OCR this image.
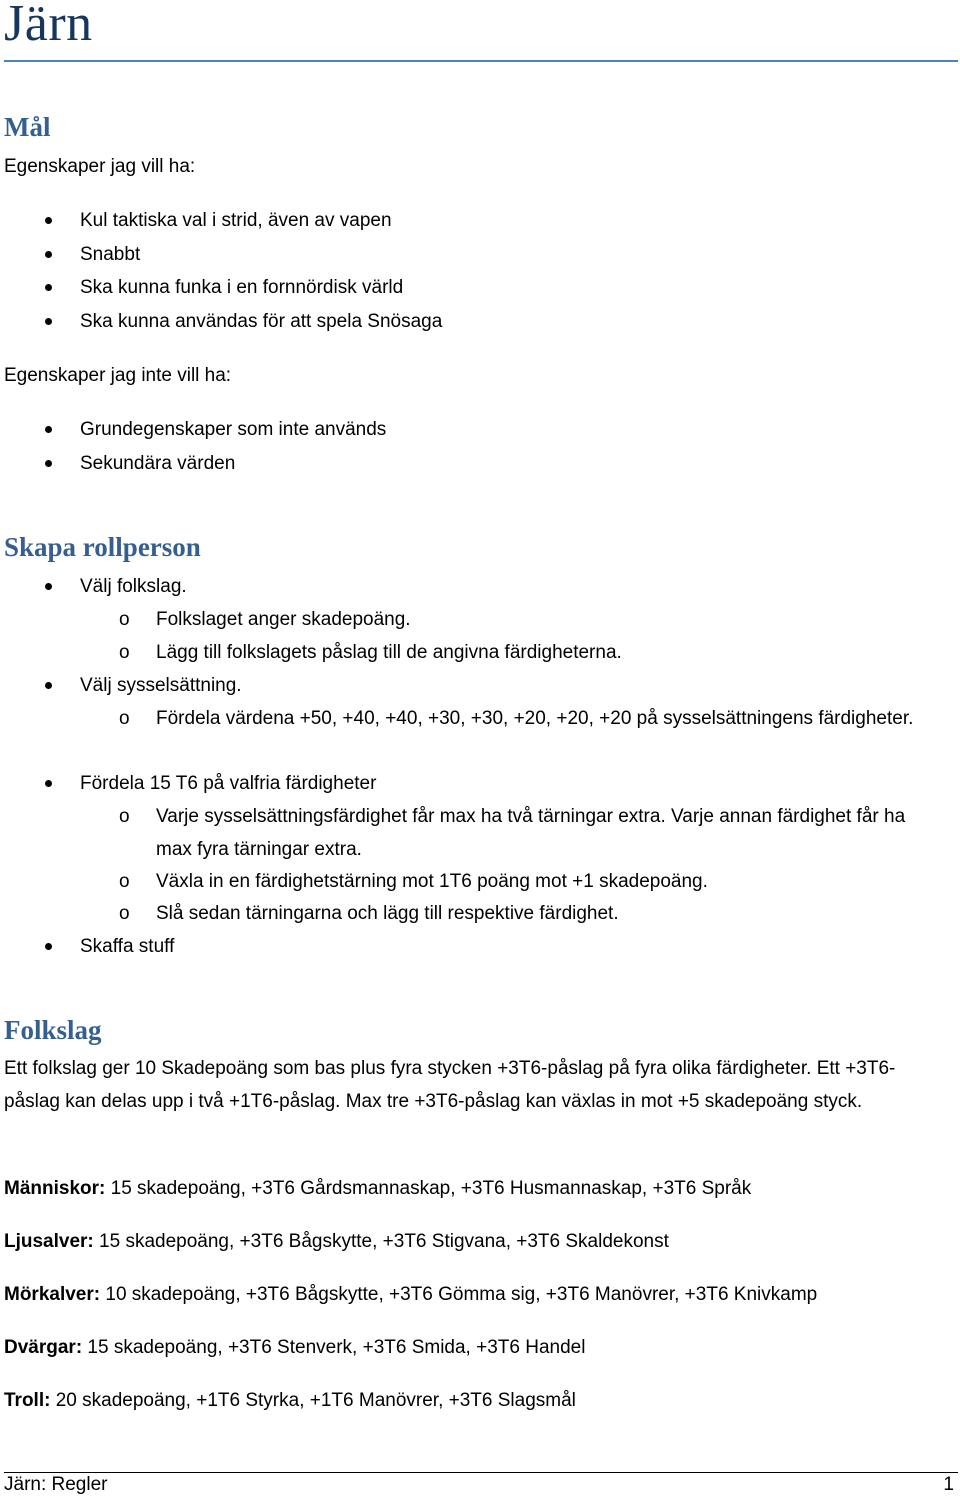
Järn
Mål
Egenskaper jag vill ha:
Kul taktiska val i strid, även av vapen
Snabbt
Ska kunna funka i en fornnördisk värld
Ska kunna användas för att spela Snösaga
Egenskaper jag inte vill ha:
Grundegenskaper som inte används
Sekundära värden
Skapa rollperson
Välj folkslag.
o Folkslaget anger skadepoäng.
o Lägg till folkslagets påslag till de angivna färdigheterna.
Välj sysselsättning.
o Fördela värdena +50, +40, +40, +30, +30, +20, +20, +20 på sysselsättningens färdigheter.
Fördela 15 T6 på valfria färdigheter
o Varje sysselsättningsfärdighet får max ha två tärningar extra. Varje annan färdighet får ha max fyra tärningar extra.
o Växla in en färdighetstärning mot 1T6 poäng mot +1 skadepoäng.
o Slå sedan tärningarna och lägg till respektive färdighet.
Skaffa stuff
Folkslag
Ett folkslag ger 10 Skadepoäng som bas plus fyra stycken +3T6-påslag på fyra olika färdigheter. Ett +3T6-påslag kan delas upp i två +1T6-påslag. Max tre +3T6-påslag kan växlas in mot +5 skadepoäng styck.
Människor: 15 skadepoäng, +3T6 Gårdsmannaskap, +3T6 Husmannaskap, +3T6 Språk
Ljusalver: 15 skadepoäng, +3T6 Bågskytte, +3T6 Stigvana, +3T6 Skaldekonst
Mörkalver: 10 skadepoäng, +3T6 Bågskytte, +3T6 Gömma sig, +3T6 Manövrer, +3T6 Knivkamp
Dvärgar: 15 skadepoäng, +3T6 Stenverk, +3T6 Smida, +3T6 Handel
Troll: 20 skadepoäng, +1T6 Styrka, +1T6 Manövrer, +3T6 Slagsmål
Järn: Regler	1
